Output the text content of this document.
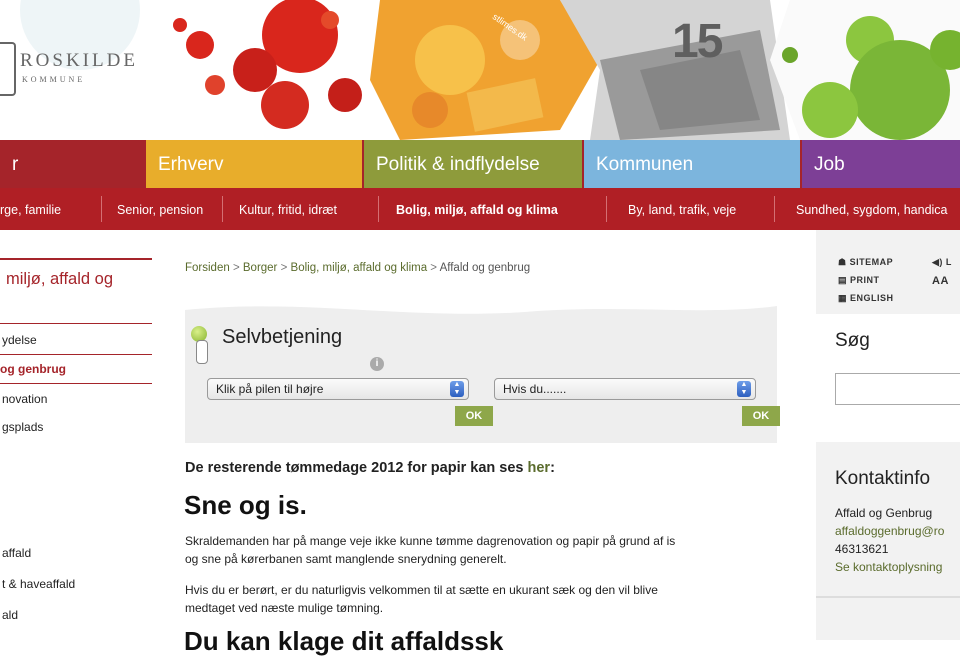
ROSKILDE
KOMMUNE
stlimes.dk	15
r	Erhverv	Politik & indflydelse	Kommunen	Job
rge, familie	Senior, pension	Kultur, fritid, idræt	Bolig, miljø, affald og klima	By, land, trafik, veje	Sundhed, sygdom, handica
miljø, affald og
ydelse
og genbrug
novation
gsplads
affald
t & haveaffald
ald
Forsiden > Borger > Bolig, miljø, affald og klima > Affald og genbrug
Selvbetjening
i
Klik på pilen til højre	▲
▼	Hvis du.......	▲
▼
OK	OK
De resterende tømmedage 2012 for papir kan ses her:
Sne og is.
Skraldemanden har på mange veje ikke kunne tømme dagrenovation og papir på grund af is
og sne på kørerbanen samt manglende snerydning generelt.
Hvis du er berørt, er du naturligvis velkommen til at sætte en ukurant sæk og den vil blive
medtaget ved næste mulige tømning.
Du kan klage dit affaldssk
☗ SITEMAP
▤ PRINT
▦ ENGLISH
◀) L
AA
Søg
Kontaktinfo
Affald og Genbrug
affaldoggenbrug@ro
46313621
Se kontaktoplysning
